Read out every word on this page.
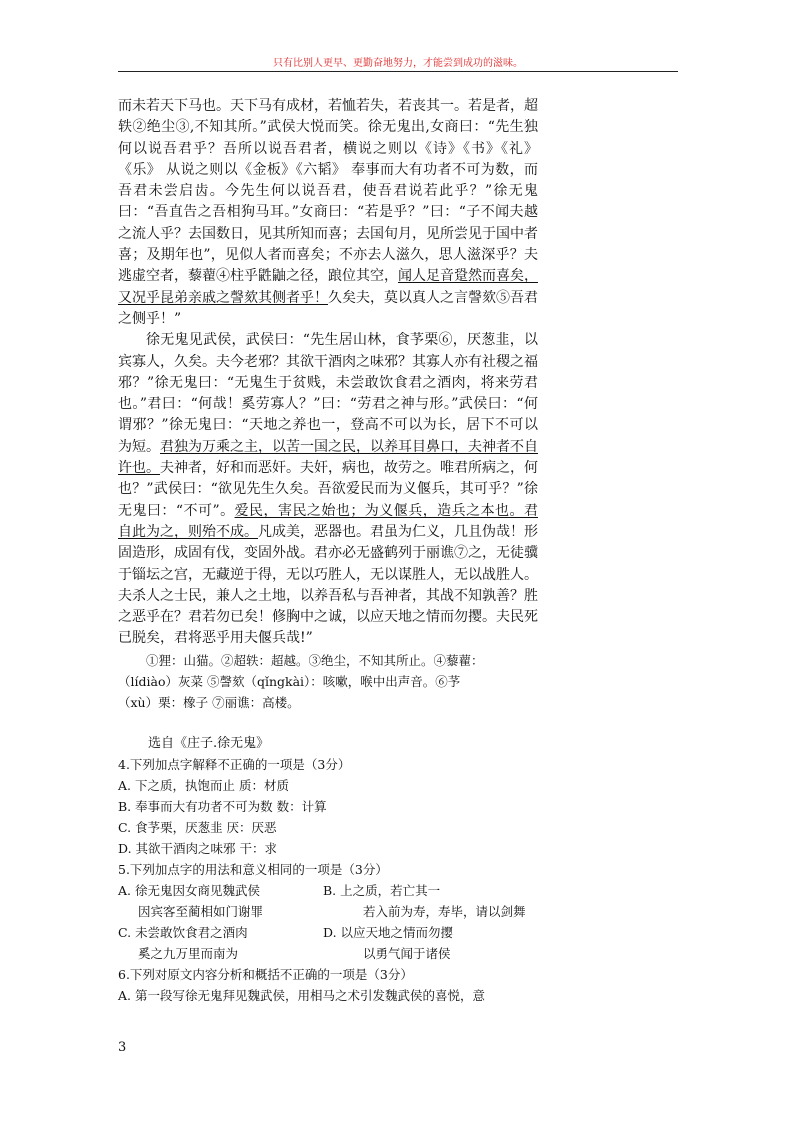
只有比别人更早、更勤奋地努力，才能尝到成功的滋味。

而未若天下马也。天下马有成材，若恤若失，若丧其一。若是者，超轶②绝尘③,不知其所。”武侯大悦而笑。徐无鬼出,女商曰：“先生独何以说吾君乎？吾所以说吾君者，横说之则以《诗》《书》《礼》《乐》 从说之则以《金板》《六韬》 奉事而大有功者不可为数，而吾君未尝启齿。今先生何以说吾君，使吾君说若此乎？”徐无鬼曰：“吾直告之吾相狗马耳。”女商曰：“若是乎？”曰：“子不闻夫越之流人乎？去国数日，见其所知而喜；去国旬月，见所尝见于国中者喜；及期年也”，见似人者而喜矣；不亦去人滋久，思人滋深乎？夫逃虚空者，藜藋④柱乎鼪鼬之径，踉位其空，闻人足音跫然而喜矣，又况乎昆弟亲戚之謦欬其侧者乎！久矣夫，莫以真人之言謦欬⑤吾君之侧乎！”

徐无鬼见武侯，武侯曰：“先生居山林，食芧栗⑥，厌葱韭，以宾寡人，久矣。夫今老邪？其欲干酒肉之味邪？其寡人亦有社稷之福邪？”徐无鬼曰：“无鬼生于贫贱，未尝敢饮食君之酒肉，将来劳君也。”君曰：“何哉！奚劳寡人？”曰：“劳君之神与形。”武侯曰：“何谓邪？”徐无鬼曰：“天地之养也一，登高不可以为长，居下不可以为短。君独为万乘之主，以苦一国之民，以养耳目鼻口，夫神者不自许也。夫神者，好和而恶奸。夫奸，病也，故劳之。唯君所病之，何也？”武侯曰：“欲见先生久矣。吾欲爱民而为义偃兵，其可乎？”徐无鬼曰：“不可”。爱民，害民之始也；为义偃兵，造兵之本也。君自此为之，则殆不成。凡成美，恶器也。君虽为仁义，几且伪哉！形固造形，成固有伐，变固外战。君亦必无盛鹤列于丽谯⑦之，无徒骥于锱坛之宫，无藏逆于得，无以巧胜人，无以谋胜人，无以战胜人。夫杀人之士民，兼人之土地，以养吾私与吾神者，其战不知孰善？胜之恶乎在？君若勿已矣！修胸中之诚，以应天地之情而勿撄。夫民死已脱矣，君将恶乎用夫偃兵哉!”

①狸：山猫。②超轶：超越。③绝尘，不知其所止。④藜藋：
（lídiào）灰菜 ⑤謦欬（qǐngkài）：咳嗽，喉中出声音。⑥芧
（xù）栗：橡子 ⑦丽谯：高楼。

选自《庄子.徐无鬼》

4.下列加点字解释不正确的一项是（3分）

A. 下之质，执饱而止 质：材质

B. 奉事而大有功者不可为数 数：计算

C. 食芧栗，厌葱韭 厌：厌恶

D. 其欲干酒肉之味邪 干：求

5.下列加点字的用法和意义相同的一项是（3分）

A. 徐无鬼因女商见魏武侯	B. 上之质，若亡其一
因宾客至蔺相如门谢罪	若入前为寿，寿毕，请以剑舞
C. 未尝敢饮食君之酒肉	D. 以应天地之情而勿撄
奚之九万里而南为	以勇气闻于诸侯

6.下列对原文内容分析和概括不正确的一项是（3分）

A. 第一段写徐无鬼拜见魏武侯，用相马之术引发魏武侯的喜悦，意

3
